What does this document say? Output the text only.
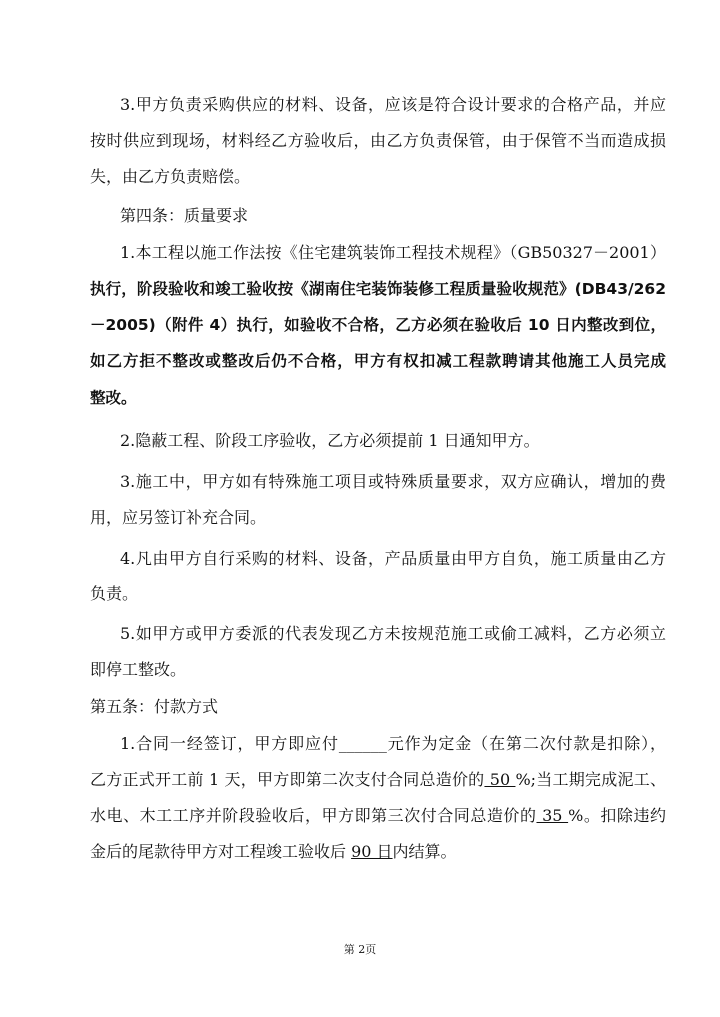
3.甲方负责采购供应的材料、设备，应该是符合设计要求的合格产品，并应
按时供应到现场，材料经乙方验收后，由乙方负责保管，由于保管不当而造成损
失，由乙方负责赔偿。
第四条：质量要求
1.本工程以施工作法按《住宅建筑装饰工程技术规程》（GB50327－2001）
执行，阶段验收和竣工验收按《湖南住宅装饰装修工程质量验收规范》(DB43/262
－2005)（附件 4）执行，如验收不合格，乙方必须在验收后 10 日内整改到位，
如乙方拒不整改或整改后仍不合格，甲方有权扣减工程款聘请其他施工人员完成
整改。
2.隐蔽工程、阶段工序验收，乙方必须提前 1 日通知甲方。
3.施工中，甲方如有特殊施工项目或特殊质量要求，双方应确认，增加的费
用，应另签订补充合同。
4.凡由甲方自行采购的材料、设备，产品质量由甲方自负，施工质量由乙方
负责。
5.如甲方或甲方委派的代表发现乙方未按规范施工或偷工减料，乙方必须立
即停工整改。
第五条：付款方式
1.合同一经签订，甲方即应付______元作为定金（在第二次付款是扣除），
乙方正式开工前 1 天，甲方即第二次支付合同总造价的 50 %;当工期完成泥工、
水电、木工工序并阶段验收后，甲方即第三次付合同总造价的 35 %。扣除违约
金后的尾款待甲方对工程竣工验收后 90 日内结算。
第 2页
